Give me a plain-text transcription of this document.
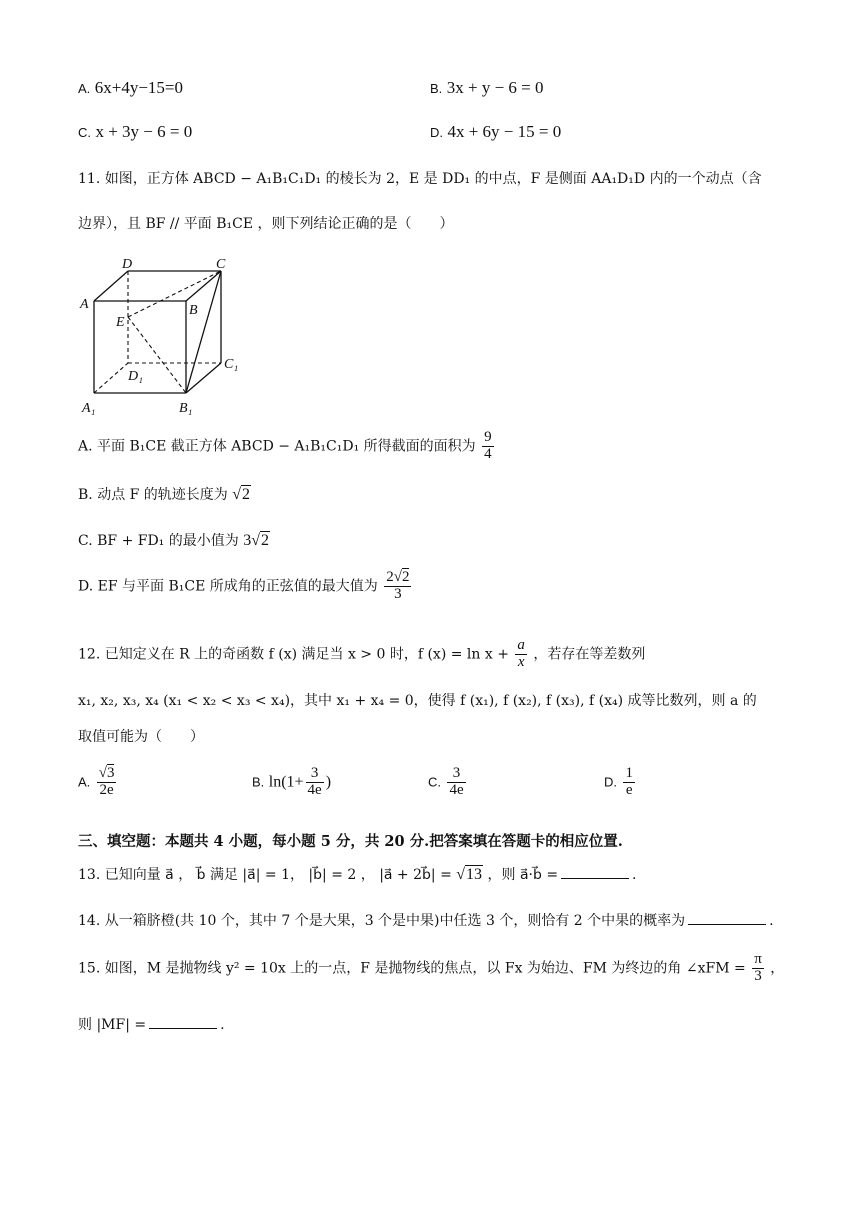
A. 6x+4y−15=0	B. 3x + y − 6 = 0
C. x + 3y − 6 = 0	D. 4x + 6y − 15 = 0
11. 如图，正方体 ABCD − A₁B₁C₁D₁ 的棱长为 2，E 是 DD₁ 的中点，F 是侧面 AA₁D₁D 内的一个动点（含
边界），且 BF // 平面 B₁CE ，则下列结论正确的是（　　）
D	C
A	B
E
C₁
D₁
A₁	B₁
A. 平面 B₁CE 截正方体 ABCD − A₁B₁C₁D₁ 所得截面的面积为 $\frac{9}{4}$
B. 动点 F 的轨迹长度为 √2
C. BF + FD₁ 的最小值为 3√2
D. EF 与平面 B₁CE 所成角的正弦值的最大值为 $\frac{2√2}{3}$
12. 已知定义在 R 上的奇函数 f (x) 满足当 x > 0 时，f $(x) = \ln x + \frac{a}{x}$ ，若存在等差数列
x₁, x₂, x₃, x₄ (x₁ < x₂ < x₃ < x₄)，其中 x₁ + x₄ = 0，使得 f (x₁), f (x₂), f (x₃), f (x₄) 成等比数列，则 a 的
取值可能为（　　）
A. $\frac{√3}{2e}$	B. $\ln(1+ \frac{3}{4e}$ )	C. $\frac{3}{4e}$	D. $\frac{1}{e}$
三、填空题：本题共 4 小题，每小题 5 分，共 20 分.把答案填在答题卡的相应位置.
13. 已知向量 a⃗ ， b⃗ 满足 |a⃗| = 1， |b⃗| = 2 ， |a⃗ + 2b⃗| = √13 ，则 a⃗·b⃗ =	.
14. 从一箱脐橙(共 10 个，其中 7 个是大果，3 个是中果)中任选 3 个，则恰有 2 个中果的概率为	.
15. 如图，M 是抛物线 y² = 10x 上的一点，F 是抛物线的焦点，以 Fx 为始边、FM 为终边的角 ∠xFM = $\frac{\pi}{3}$ ，
则 |MF| =	.
